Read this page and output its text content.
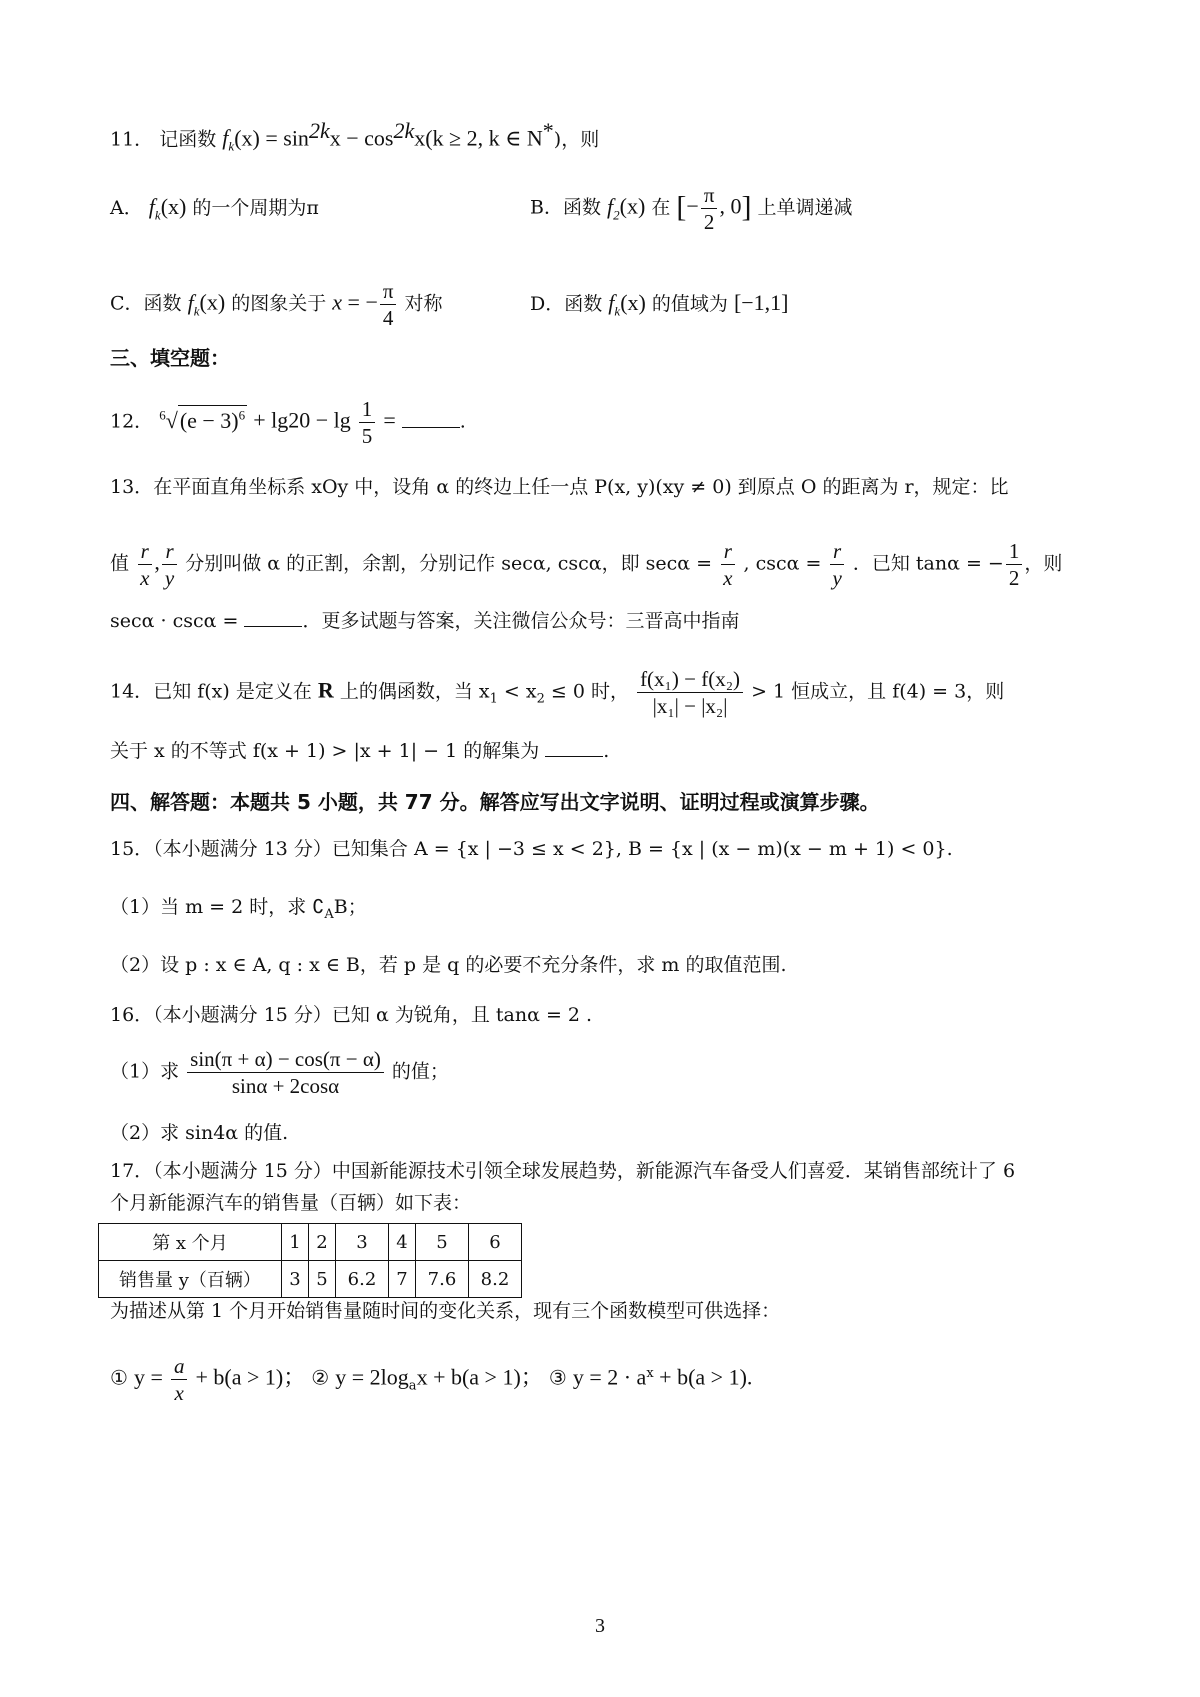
11． 记函数 $f_k(x) = \sin^{2k}x - \cos^{2k}x(k \ge 2$, k ∈ N*)，则
A． $f_k(x)$ 的一个周期为π	B．函数 $f_2(x)$ 在 [− $\frac{\pi}{2}$ , 0] 上单调递减
C．函数 $f_k(x)$ 的图象关于 x = − $\frac{\pi}{4}$ 对称	D．函数 $f_k(x)$ 的值域为 [−1,1]
三、填空题：
12． $^6√(e - 3)^6 + \lg 20 - \lg \frac{1}{5}$ =	.
13．在平面直角坐标系 xOy 中，设角 α 的终边上任一点 P(x, y)(xy ≠ 0) 到原点 O 的距离为 r，规定：比
值 $\frac{r}{x}$ , $\frac{r}{y}$ 分别叫做 α 的正割，余割，分别记作 secα, cscα，即 $\sec\alpha = \frac{r}{x}$ , $\csc\alpha = \frac{r}{y}$ ．已知 tanα = − $\frac{1}{2}$ ，则
secα · cscα =	．更多试题与答案，关注微信公众号：三晋高中指南
14．已知 f(x) 是定义在 R 上的偶函数，当 $x_1 < x_2 \le 0$ 时， $\frac{\text{f(x₁) − f(x₂)}}{\text{|x₁| − |x₂|}} > 1$ 恒成立，且 f(4) = 3，则
关于 x 的不等式 f(x + 1) > |x + 1| − 1 的解集为	.
四、解答题：本题共 5 小题，共 77 分。解答应写出文字说明、证明过程或演算步骤。
15．（本小题满分 13 分）已知集合 A = {x | −3 ≤ x < 2}, B = {x | (x − m)(x − m + 1) < 0}.
（1）当 m = 2 时，求 $∁_AB$；
（2）设 p : x ∈ A, q : x ∈ B，若 p 是 q 的必要不充分条件，求 m 的取值范围.
16．（本小题满分 15 分）已知 α 为锐角，且 tanα = 2 .
（1）求 $\frac{\sin(\pi + \alpha) - \cos(\pi - \alpha)}{\sin\alpha + 2\cos\alpha}$ 的值；
（2）求 sin4α 的值.
17．（本小题满分 15 分）中国新能源技术引领全球发展趋势，新能源汽车备受人们喜爱．某销售部统计了 6
个月新能源汽车的销售量（百辆）如下表：
第 x 个月	1	2	3	4	5	6
销售量 y（百辆）	3	5	6.2	7	7.6	8.2
为描述从第 1 个月开始销售量随时间的变化关系，现有三个函数模型可供选择：
① $y = \frac{a}{x} + b(a > 1)$； ② $y = 2\log_ax + b(a > 1)$； ③ $y = 2 \cdot a^x + b(a > 1)$.
3
